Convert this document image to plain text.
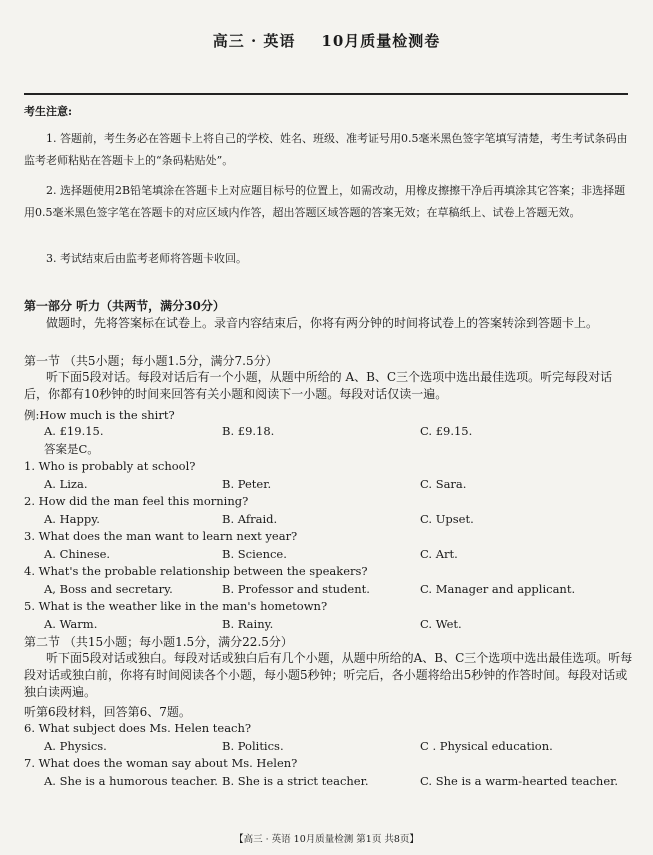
高三 · 英语 10月质量检测卷
考生注意:
1. 答题前，考生务必在答题卡上将自己的学校、姓名、班级、准考证号用0.5毫米黑色签字笔填写清楚，考生考试条码由监考老师粘贴在答题卡上的“条码粘贴处”。
2. 选择题使用2B铅笔填涂在答题卡上对应题目标号的位置上，如需改动，用橡皮擦擦干净后再填涂其它答案；非选择题用0.5毫米黑色签字笔在答题卡的对应区域内作答，超出答题区域答题的答案无效；在草稿纸上、试卷上答题无效。
3. 考试结束后由监考老师将答题卡收回。
第一部分 听力（共两节，满分30分）

做题时，先将答案标在试卷上。录音内容结束后，你将有两分钟的时间将试卷上的答案转涂到答题卡上。

第一节 （共5小题；每小题1.5分，满分7.5分）

听下面5段对话。每段对话后有一个小题，从题中所给的 A、B、C三个选项中选出最佳选项。听完每段对话后，你都有10秒钟的时间来回答有关小题和阅读下一小题。每段对话仅读一遍。

例:How much is the shirt?
A. £19.15.	B. £9.18.	C. £9.15.
答案是C。
1. Who is probably at school?
A. Liza.	B. Peter.	C. Sara.
2. How did the man feel this morning?
A. Happy.	B. Afraid.	C. Upset.
3. What does the man want to learn next year?
A. Chinese.	B. Science.	C. Art.
4. What's the probable relationship between the speakers?
A, Boss and secretary.	B. Professor and student.	C. Manager and applicant.
5. What is the weather like in the man's hometown?
A. Warm.	B. Rainy.	C. Wet.
第二节 （共15小题；每小题1.5分，满分22.5分）

听下面5段对话或独白。每段对话或独白后有几个小题，从题中所给的A、B、C三个选项中选出最佳选项。听每段对话或独白前，你将有时间阅读各个小题，每小题5秒钟；听完后，各小题将给出5秒钟的作答时间。每段对话或独白读两遍。

听第6段材料，回答第6、7题。
6. What subject does Ms. Helen teach?
A. Physics.	B. Politics.	C . Physical education.
7. What does the woman say about Ms. Helen?
A. She is a humorous teacher. B. She is a strict teacher.	C. She is a warm-hearted teacher.
【高三 · 英语 10月质量检测 第1页 共8页】
